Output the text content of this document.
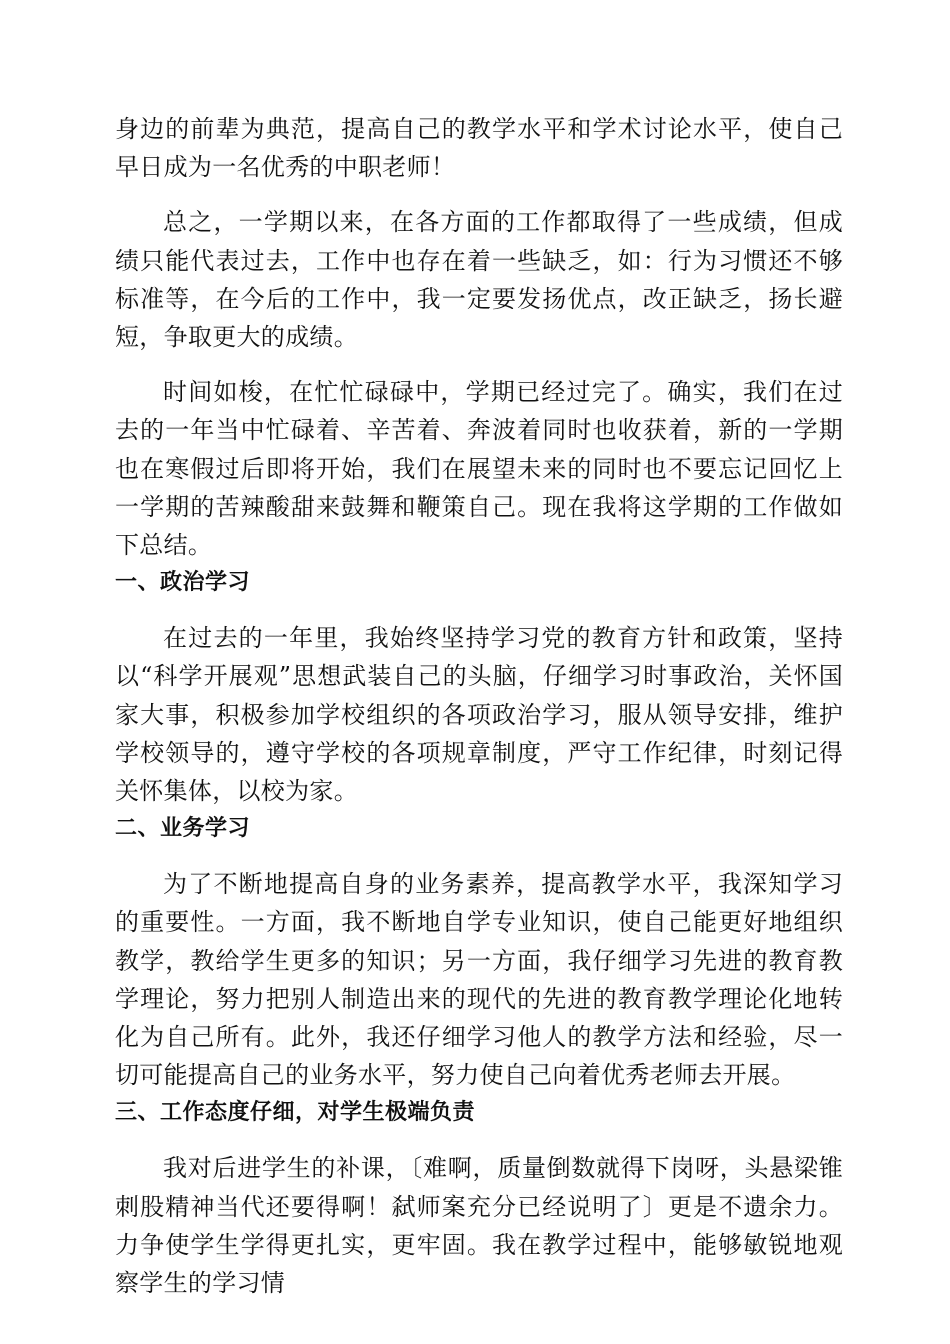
身边的前辈为典范，提高自己的教学水平和学术讨论水平，使自己早日成为一名优秀的中职老师！

总之，一学期以来，在各方面的工作都取得了一些成绩，但成绩只能代表过去，工作中也存在着一些缺乏，如：行为习惯还不够标准等，在今后的工作中，我一定要发扬优点，改正缺乏，扬长避短，争取更大的成绩。

时间如梭，在忙忙碌碌中，学期已经过完了。确实，我们在过去的一年当中忙碌着、辛苦着、奔波着同时也收获着，新的一学期也在寒假过后即将开始，我们在展望未来的同时也不要忘记回忆上一学期的苦辣酸甜来鼓舞和鞭策自己。现在我将这学期的工作做如下总结。

一、政治学习

在过去的一年里，我始终坚持学习党的教育方针和政策，坚持以“科学开展观”思想武装自己的头脑，仔细学习时事政治，关怀国家大事，积极参加学校组织的各项政治学习，服从领导安排，维护学校领导的，遵守学校的各项规章制度，严守工作纪律，时刻记得关怀集体，以校为家。

二、业务学习

为了不断地提高自身的业务素养，提高教学水平，我深知学习的重要性。一方面，我不断地自学专业知识，使自己能更好地组织教学，教给学生更多的知识；另一方面，我仔细学习先进的教育教学理论，努力把别人制造出来的现代的先进的教育教学理论化地转化为自己所有。此外，我还仔细学习他人的教学方法和经验，尽一切可能提高自己的业务水平，努力使自己向着优秀老师去开展。

三、工作态度仔细，对学生极端负责

我对后进学生的补课，〔难啊，质量倒数就得下岗呀，头悬梁锥刺股精神当代还要得啊！弑师案充分已经说明了〕更是不遗余力。力争使学生学得更扎实，更牢固。我在教学过程中，能够敏锐地观察学生的学习情
